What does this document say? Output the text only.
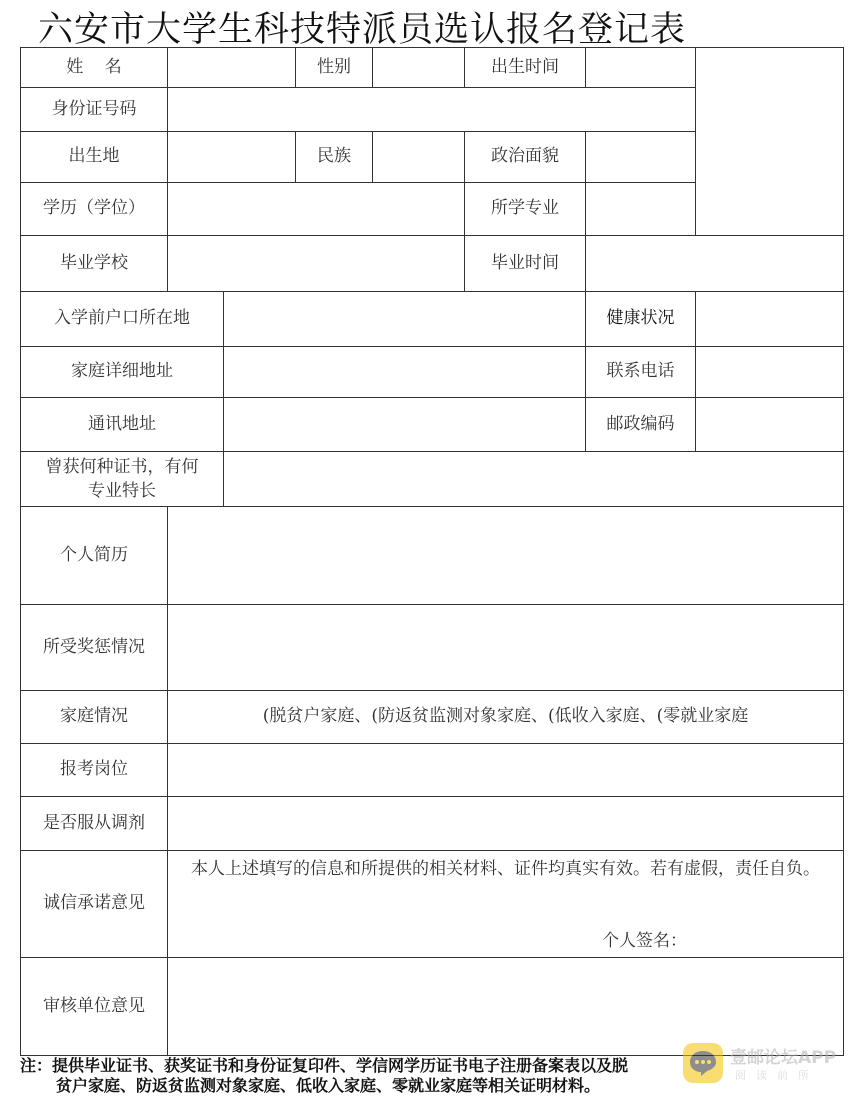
六安市大学生科技特派员选认报名登记表
姓    名			性别		出生时间		
身份证号码							
出生地			民族		政治面貌		
学历（学位）					所学专业		
毕业学校					毕业时间		
入学前户口所在地						健康状况	
家庭详细地址						联系电话	
通讯地址						邮政编码	
曾获何种证书，有何
专业特长							
个人简历							
所受奖惩情况							
家庭情况	(脱贫户家庭、(防返贫监测对象家庭、(低收入家庭、(零就业家庭						
报考岗位							
是否服从调剂							
诚信承诺意见	本人上述填写的信息和所提供的相关材料、证件均真实有效。若有虚假，责任自负。
个人签名：						

审核单位意见							
注：提供毕业证书、获奖证书和身份证复印件、学信网学历证书电子注册备案表以及脱
贫户家庭、防返贫监测对象家庭、低收入家庭、零就业家庭等相关证明材料。
壹邮论坛APP
阅读前所
